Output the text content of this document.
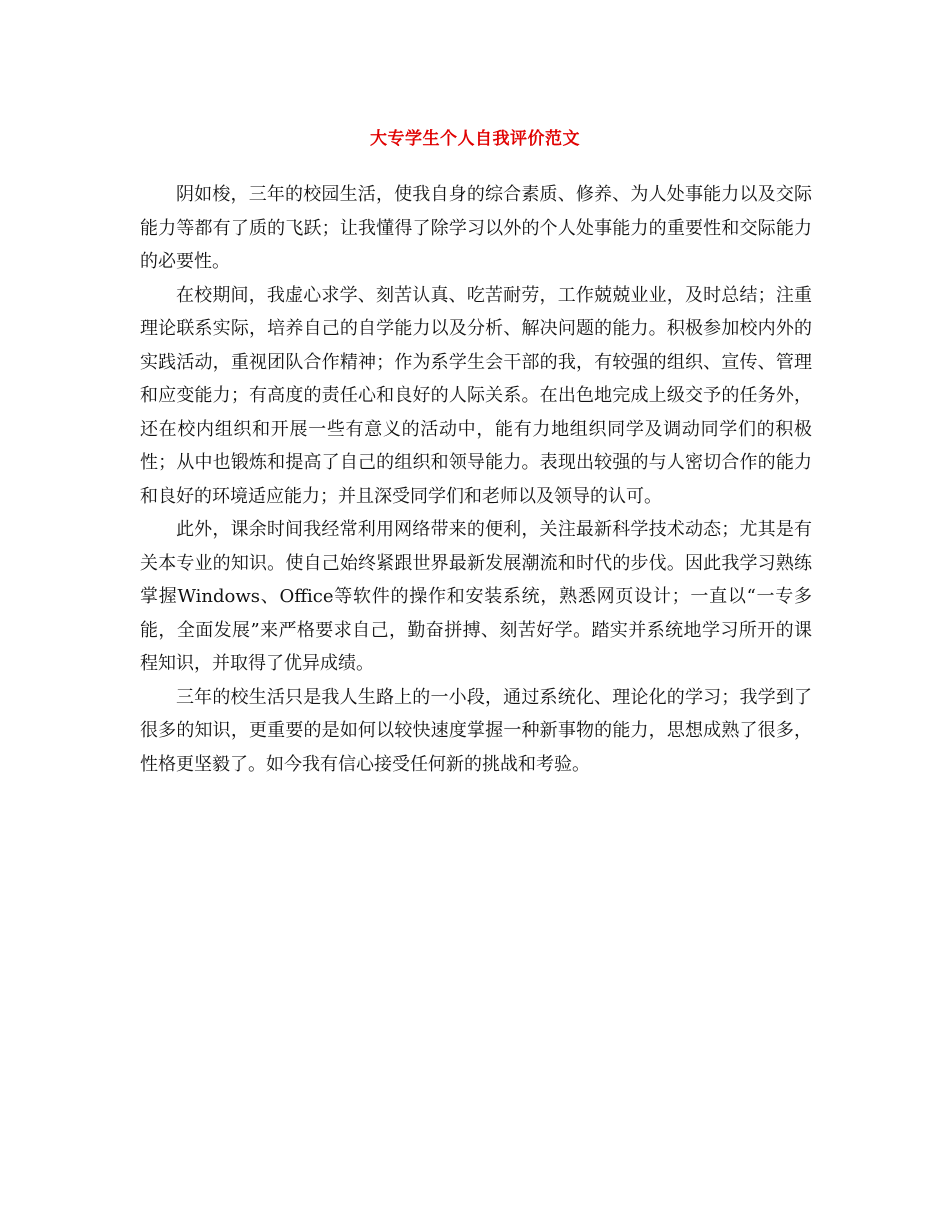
大专学生个人自我评价范文

阴如梭，三年的校园生活，使我自身的综合素质、修养、为人处事能力以及交际能力等都有了质的飞跃；让我懂得了除学习以外的个人处事能力的重要性和交际能力的必要性。

在校期间，我虚心求学、刻苦认真、吃苦耐劳，工作兢兢业业，及时总结；注重理论联系实际，培养自己的自学能力以及分析、解决问题的能力。积极参加校内外的实践活动，重视团队合作精神；作为系学生会干部的我，有较强的组织、宣传、管理和应变能力；有高度的责任心和良好的人际关系。在出色地完成上级交予的任务外，还在校内组织和开展一些有意义的活动中，能有力地组织同学及调动同学们的积极性；从中也锻炼和提高了自己的组织和领导能力。表现出较强的与人密切合作的能力和良好的环境适应能力；并且深受同学们和老师以及领导的认可。

此外，课余时间我经常利用网络带来的便利，关注最新科学技术动态；尤其是有关本专业的知识。使自己始终紧跟世界最新发展潮流和时代的步伐。因此我学习熟练掌握Windows、Office等软件的操作和安装系统，熟悉网页设计；一直以“一专多能，全面发展”来严格要求自己，勤奋拼搏、刻苦好学。踏实并系统地学习所开的课程知识，并取得了优异成绩。

三年的校生活只是我人生路上的一小段，通过系统化、理论化的学习；我学到了很多的知识，更重要的是如何以较快速度掌握一种新事物的能力，思想成熟了很多，性格更坚毅了。如今我有信心接受任何新的挑战和考验。
